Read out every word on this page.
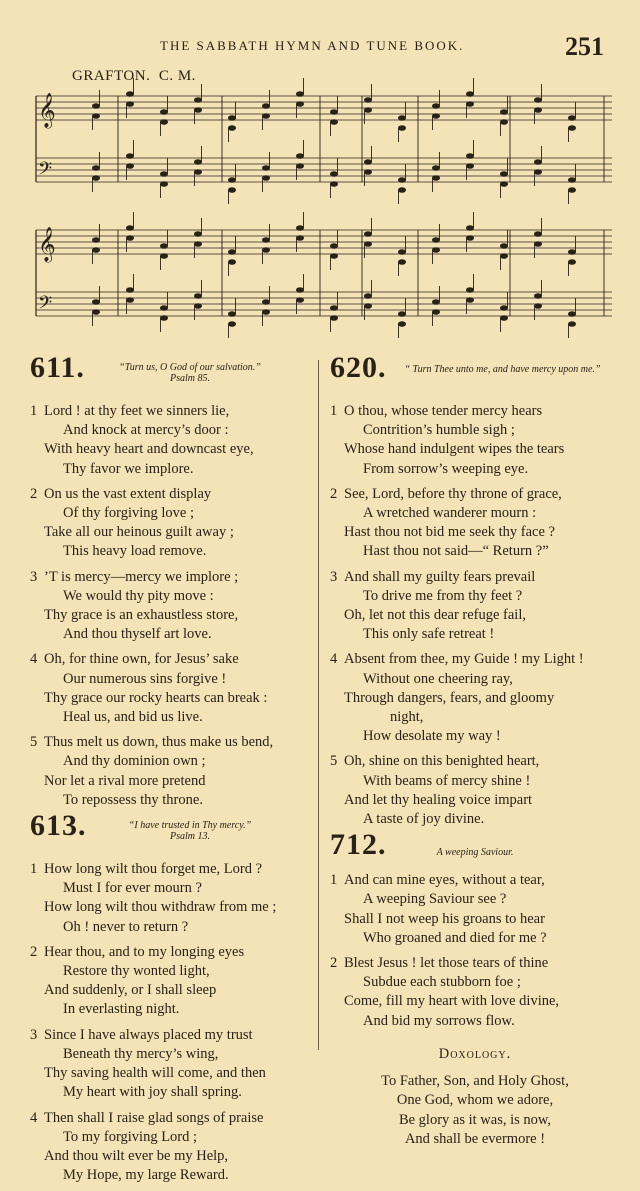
THE SABBATH HYMN AND TUNE BOOK.	251
GRAFTON. C. M.
𝄞
𝄢
𝄞
𝄢
611.	“Turn us, O God of our salvation.”
Psalm 85.
1 Lord ! at thy feet we sinners lie,
And knock at mercy’s door :
With heavy heart and downcast eye,
Thy favor we implore.
2 On us the vast extent display
Of thy forgiving love ;
Take all our heinous guilt away ;
This heavy load remove.
3 ’T is mercy—mercy we implore ;
We would thy pity move :
Thy grace is an exhaustless store,
And thou thyself art love.
4 Oh, for thine own, for Jesus’ sake
Our numerous sins forgive !
Thy grace our rocky hearts can break :
Heal us, and bid us live.
5 Thus melt us down, thus make us bend,
And thy dominion own ;
Nor let a rival more pretend
To repossess thy throne.
613.	“I have trusted in Thy mercy.”
Psalm 13.
1 How long wilt thou forget me, Lord ?
Must I for ever mourn ?
How long wilt thou withdraw from me ;
Oh ! never to return ?
2 Hear thou, and to my longing eyes
Restore thy wonted light,
And suddenly, or I shall sleep
In everlasting night.
3 Since I have always placed my trust
Beneath thy mercy’s wing,
Thy saving health will come, and then
My heart with joy shall spring.
4 Then shall I raise glad songs of praise
To my forgiving Lord ;
And thou wilt ever be my Help,
My Hope, my large Reward.
620.	“ Turn Thee unto me, and have mercy upon me.”
1 O thou, whose tender mercy hears
Contrition’s humble sigh ;
Whose hand indulgent wipes the tears
From sorrow’s weeping eye.
2 See, Lord, before thy throne of grace,
A wretched wanderer mourn :
Hast thou not bid me seek thy face ?
Hast thou not said—“ Return ?”
3 And shall my guilty fears prevail
To drive me from thy feet ?
Oh, let not this dear refuge fail,
This only safe retreat !
4 Absent from thee, my Guide ! my Light !
Without one cheering ray,
Through dangers, fears, and gloomy
night,
How desolate my way !
5 Oh, shine on this benighted heart,
With beams of mercy shine !
And let thy healing voice impart
A taste of joy divine.
712.	A weeping Saviour.
1 And can mine eyes, without a tear,
A weeping Saviour see ?
Shall I not weep his groans to hear
Who groaned and died for me ?
2 Blest Jesus ! let those tears of thine
Subdue each stubborn foe ;
Come, fill my heart with love divine,
And bid my sorrows flow.
Doxology.
To Father, Son, and Holy Ghost,
One God, whom we adore,
Be glory as it was, is now,
And shall be evermore !
